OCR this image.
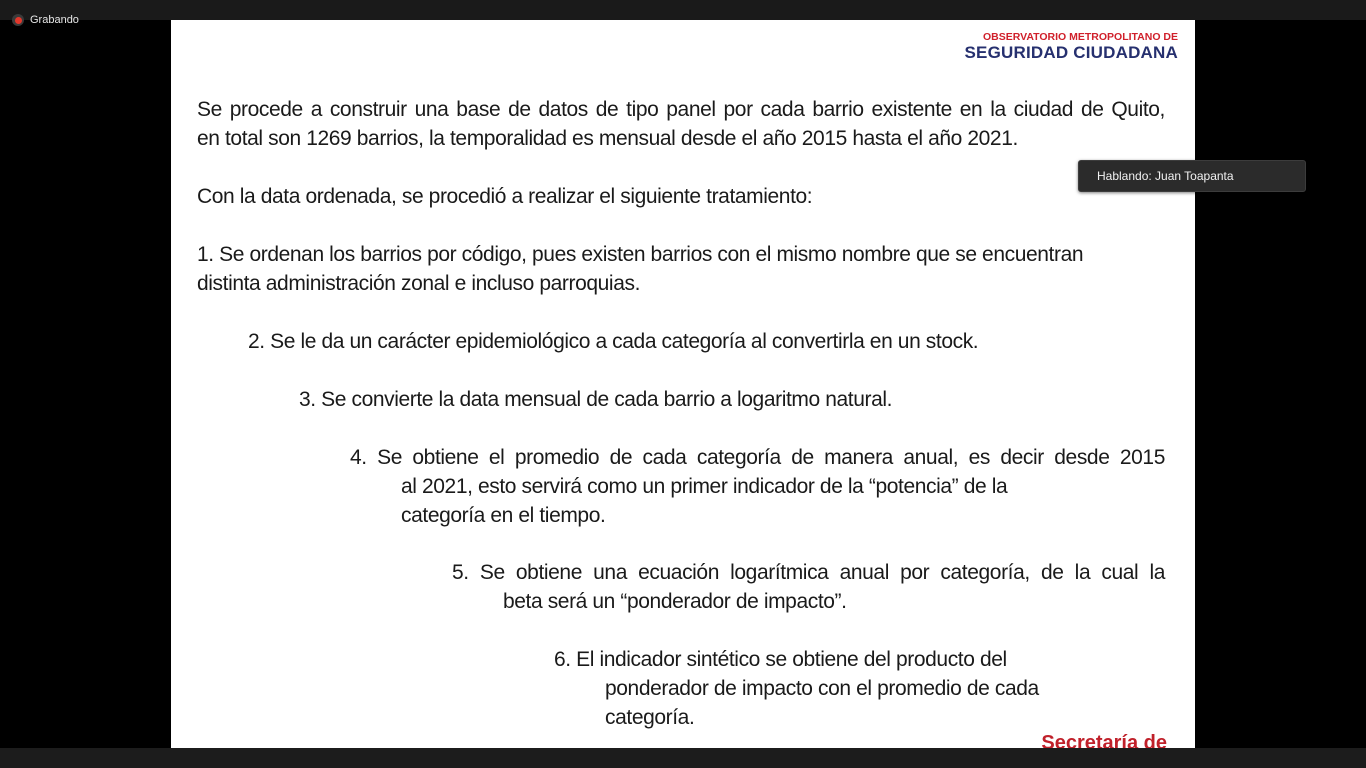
Grabando
OBSERVATORIO METROPOLITANO DE
SEGURIDAD CIUDADANA
Se procede a construir una base de datos de tipo panel por cada barrio existente en la ciudad de Quito,
en total son 1269 barrios, la temporalidad es mensual desde el año 2015 hasta el año 2021.
Con la data ordenada, se procedió a realizar el siguiente tratamiento:
1. Se ordenan los barrios por código, pues existen barrios con el mismo nombre que se encuentran
distinta administración zonal e incluso parroquias.
2. Se le da un carácter epidemiológico a cada categoría al convertirla en un stock.
3. Se convierte la data mensual de cada barrio a logaritmo natural.
4. Se obtiene el promedio de cada categoría de manera anual, es decir desde 2015
al 2021, esto servirá como un primer indicador de la “potencia” de la
categoría en el tiempo.
5. Se obtiene una ecuación logarítmica anual por categoría, de la cual la
beta será un “ponderador de impacto”.
6. El indicador sintético se obtiene del producto del
ponderador de impacto con el promedio de cada
categoría.
Secretaría de
Hablando: Juan Toapanta
